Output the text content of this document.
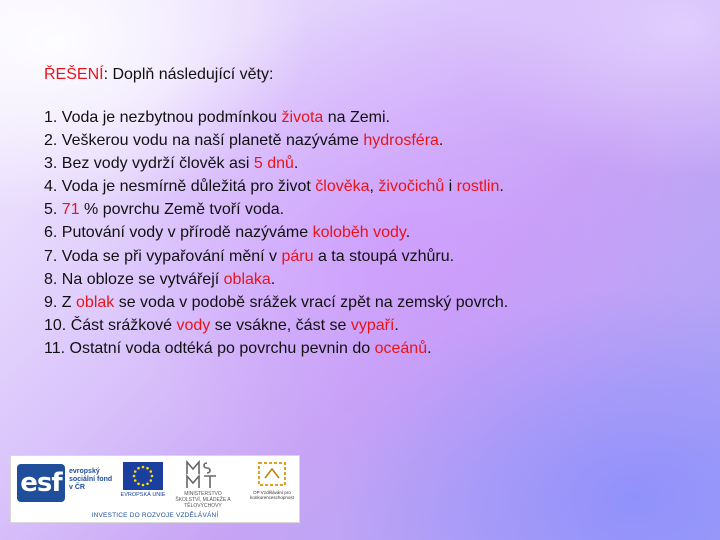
ŘEŠENÍ: Doplň následující věty:

1. Voda je nezbytnou podmínkou života na Zemi.
2. Veškerou vodu na naší planetě nazýváme hydrosféra.
3. Bez vody vydrží člověk asi 5 dnů.
4. Voda je nesmírně důležitá pro život člověka, živočichů i rostlin.
5. 71 % povrchu Země tvoří voda.
6. Putování vody v přírodě nazýváme koloběh vody.
7. Voda se při vypařování mění v páru a ta stoupá vzhůru.
8. Na obloze se vytvářejí oblaka.
9. Z oblak se voda v podobě srážek vrací zpět na zemský povrch.
10. Část srážkové vody se vsákne, část se vypaří.
11. Ostatní voda odtéká po povrchu pevnin do oceánů.
esf	evropský sociální fond v ČR
EVROPSKÁ UNIE	MINISTERSTVO ŠKOLSTVÍ, MLÁDEŽE A TĚLOVÝCHOVY
OP Vzdělávání pro konkurenceschopnost
INVESTICE DO ROZVOJE VZDĚLÁVÁNÍ
